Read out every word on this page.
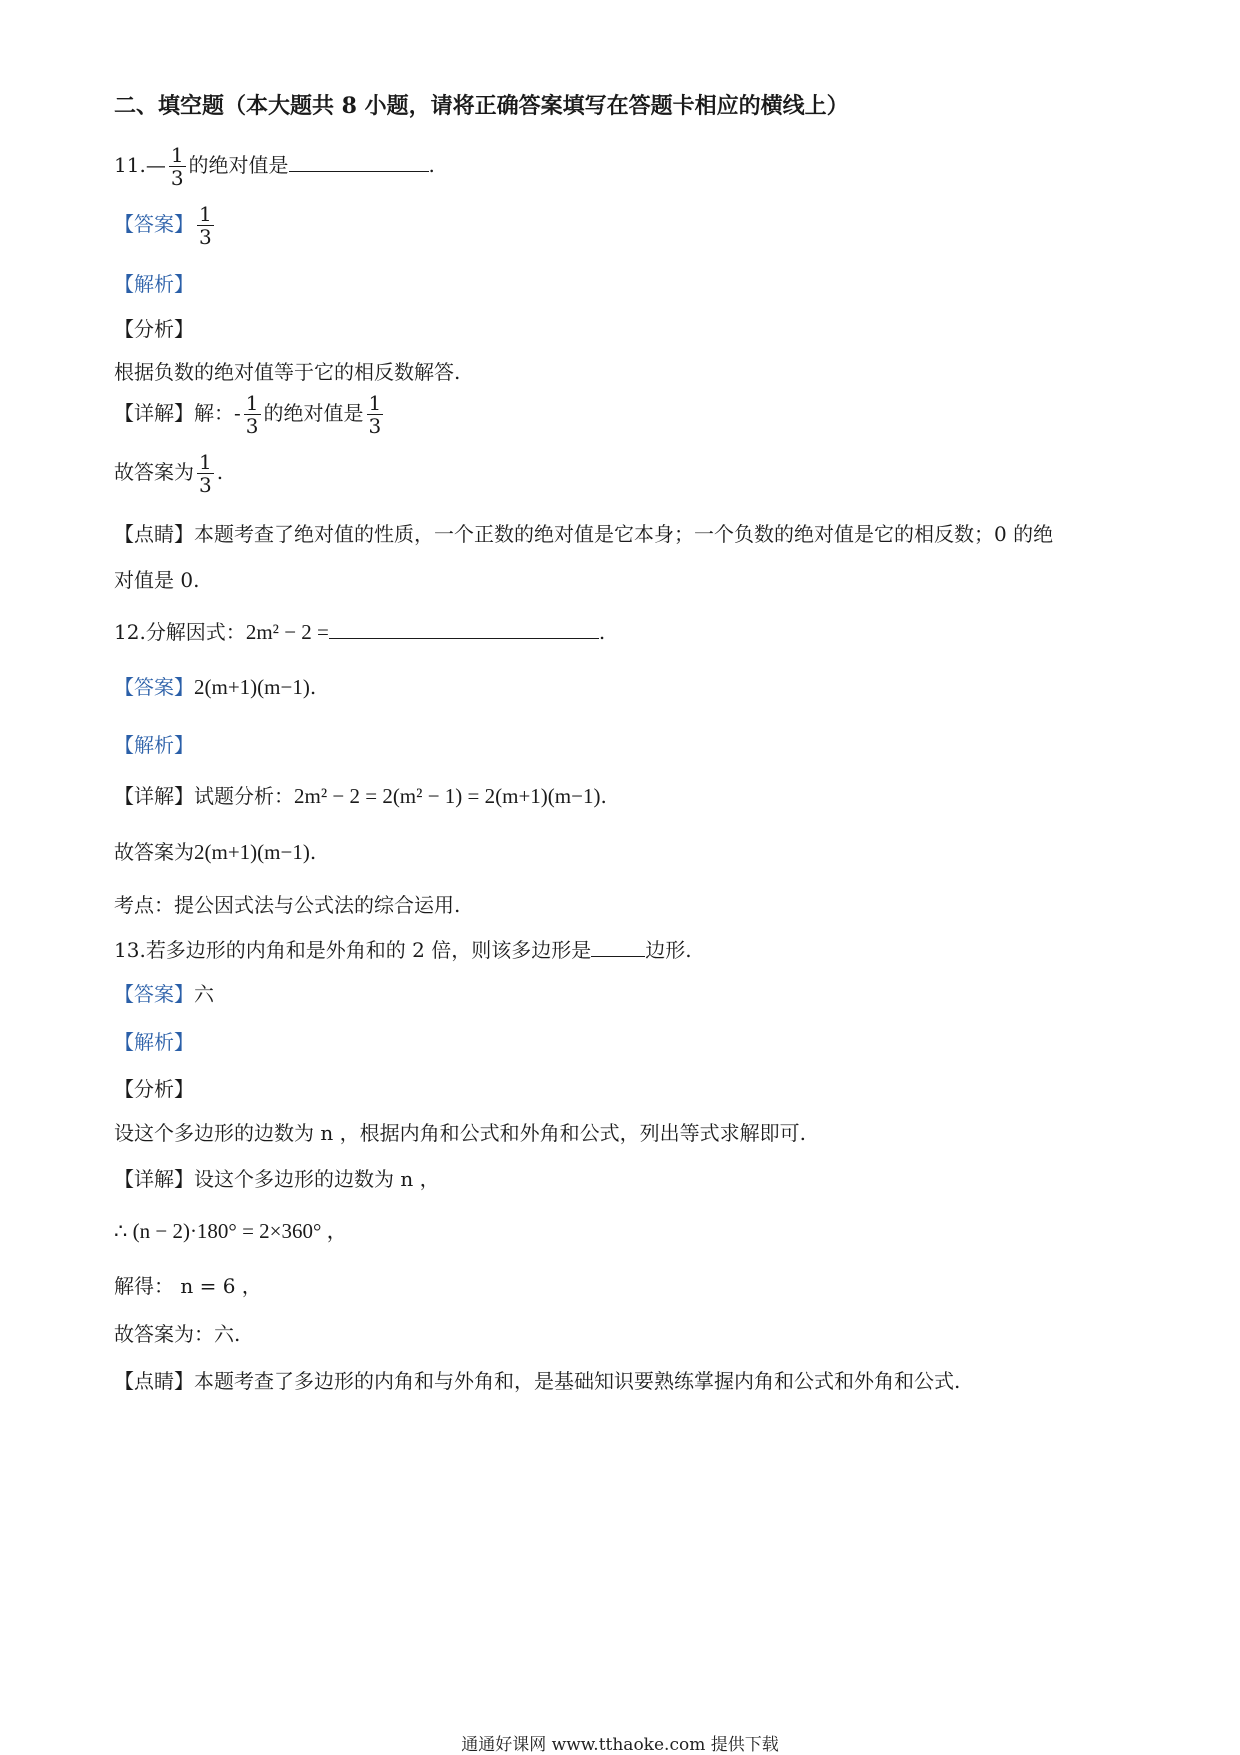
二、填空题（本大题共 8 小题，请将正确答案填写在答题卡相应的横线上）
11.— $\frac{1}{3}$ 的绝对值是	.
【答案】 $\frac{1}{3}$
【解析】
【分析】
根据负数的绝对值等于它的相反数解答.
【详解】解：- $\frac{1}{3}$ 的绝对值是 $\frac{1}{3}$
故答案为 $\frac{1}{3}$ .
【点睛】本题考查了绝对值的性质，一个正数的绝对值是它本身；一个负数的绝对值是它的相反数；0 的绝
对值是 0.
12.分解因式：2m² − 2 =	.
【答案】2(m+1)(m−1).
【解析】
【详解】试题分析：2m² − 2 = 2(m² − 1) = 2(m+1)(m−1).
故答案为2(m+1)(m−1).
考点：提公因式法与公式法的综合运用.
13.若多边形的内角和是外角和的 2 倍，则该多边形是	边形.
【答案】六
【解析】
【分析】
设这个多边形的边数为 n ，根据内角和公式和外角和公式，列出等式求解即可.
【详解】设这个多边形的边数为 n ，
∴ (n − 2)·180° = 2×360° ，
解得： n = 6 ，
故答案为：六.
【点睛】本题考查了多边形的内角和与外角和，是基础知识要熟练掌握内角和公式和外角和公式.
通通好课网 www.tthaoke.com 提供下载
